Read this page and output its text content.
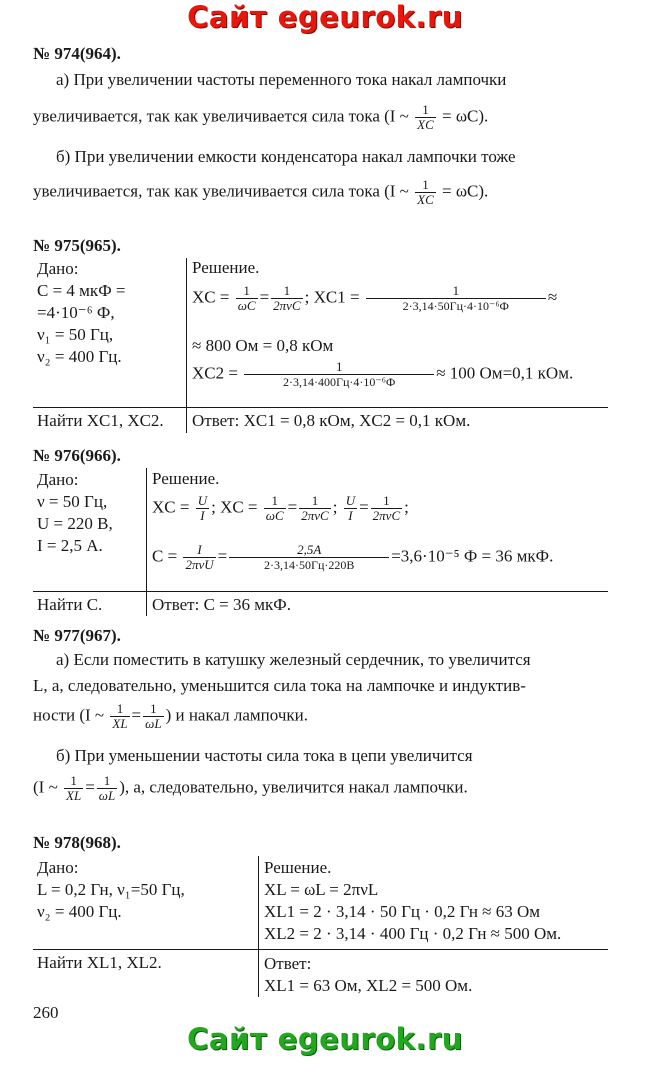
Сайт egeurok.ru
№ 974(964).
а) При увеличении частоты переменного тока накал лампочки
увеличивается, так как увеличивается сила тока (I ~ $\frac{1}{XC} = \omega C$).
б) При увеличении емкости конденсатора накал лампочки тоже
увеличивается, так как увеличивается сила тока (I ~ $\frac{1}{XC} = \omega C$).
№ 975(965).
Дано:
C = 4 мкФ =
=4·10⁻⁶ Ф,
ν₁ = 50 Гц,
ν₂ = 400 Гц.
Решение.
XC = $\frac{1}{\omega C} = \frac{1}{\text{2πνC}}$ ; $XC1 = \frac{1}{\text{2·3,14·50Гц·4·10⁻⁶Ф}}$ ≈
≈ 800 Ом = 0,8 кОм
$XC2 = \frac{1}{\text{2·3,14·400Гц·4·10⁻⁶Ф}} \approx 100$ Ом=0,1 кОм.
Найти XC1, XC2. Ответ: XC1 = 0,8 кОм, XC2 = 0,1 кОм.
№ 976(966).
Дано:
ν = 50 Гц,
U = 220 В,
I = 2,5 А.
Решение.
XC = $\frac{U}{I}$ ; XC = $\frac{1}{\omega C} = \frac{1}{\text{2πνC}}$ ; $\frac{U}{I} = \frac{1}{\text{2πνC}}$ ;
$C = \frac{I}{\text{2πνU}} = \frac{2,5A}{2\cdot 3,14\cdot 50Гц\cdot 220В} =3,6\cdot 10^{-5}$ Ф = 36 мкФ.
Найти C.	Ответ: C = 36 мкФ.
№ 977(967).
а) Если поместить в катушку железный сердечник, то увеличится
L, а, следовательно, уменьшится сила тока на лампочке и индуктив-
ности (I ~ $\frac{1}{XL} = \frac{1}{\omega L}$ ) и накал лампочки.
б) При уменьшении частоты сила тока в цепи увеличится
(I ~ $\frac{1}{XL} = \frac{1}{\omega L}$ ), а, следовательно, увеличится накал лампочки.
№ 978(968).
Дано:
L = 0,2 Гн, ν₁=50 Гц,
ν₂ = 400 Гц.
Решение.
XL = ωL = 2πνL
XL1 = 2 · 3,14 · 50 Гц · 0,2 Гн ≈ 63 Ом
XL2 = 2 · 3,14 · 400 Гц · 0,2 Гн ≈ 500 Ом.
Найти XL1, XL2.	Ответ:
XL1 = 63 Ом, XL2 = 500 Ом.
260
Сайт egeurok.ru
